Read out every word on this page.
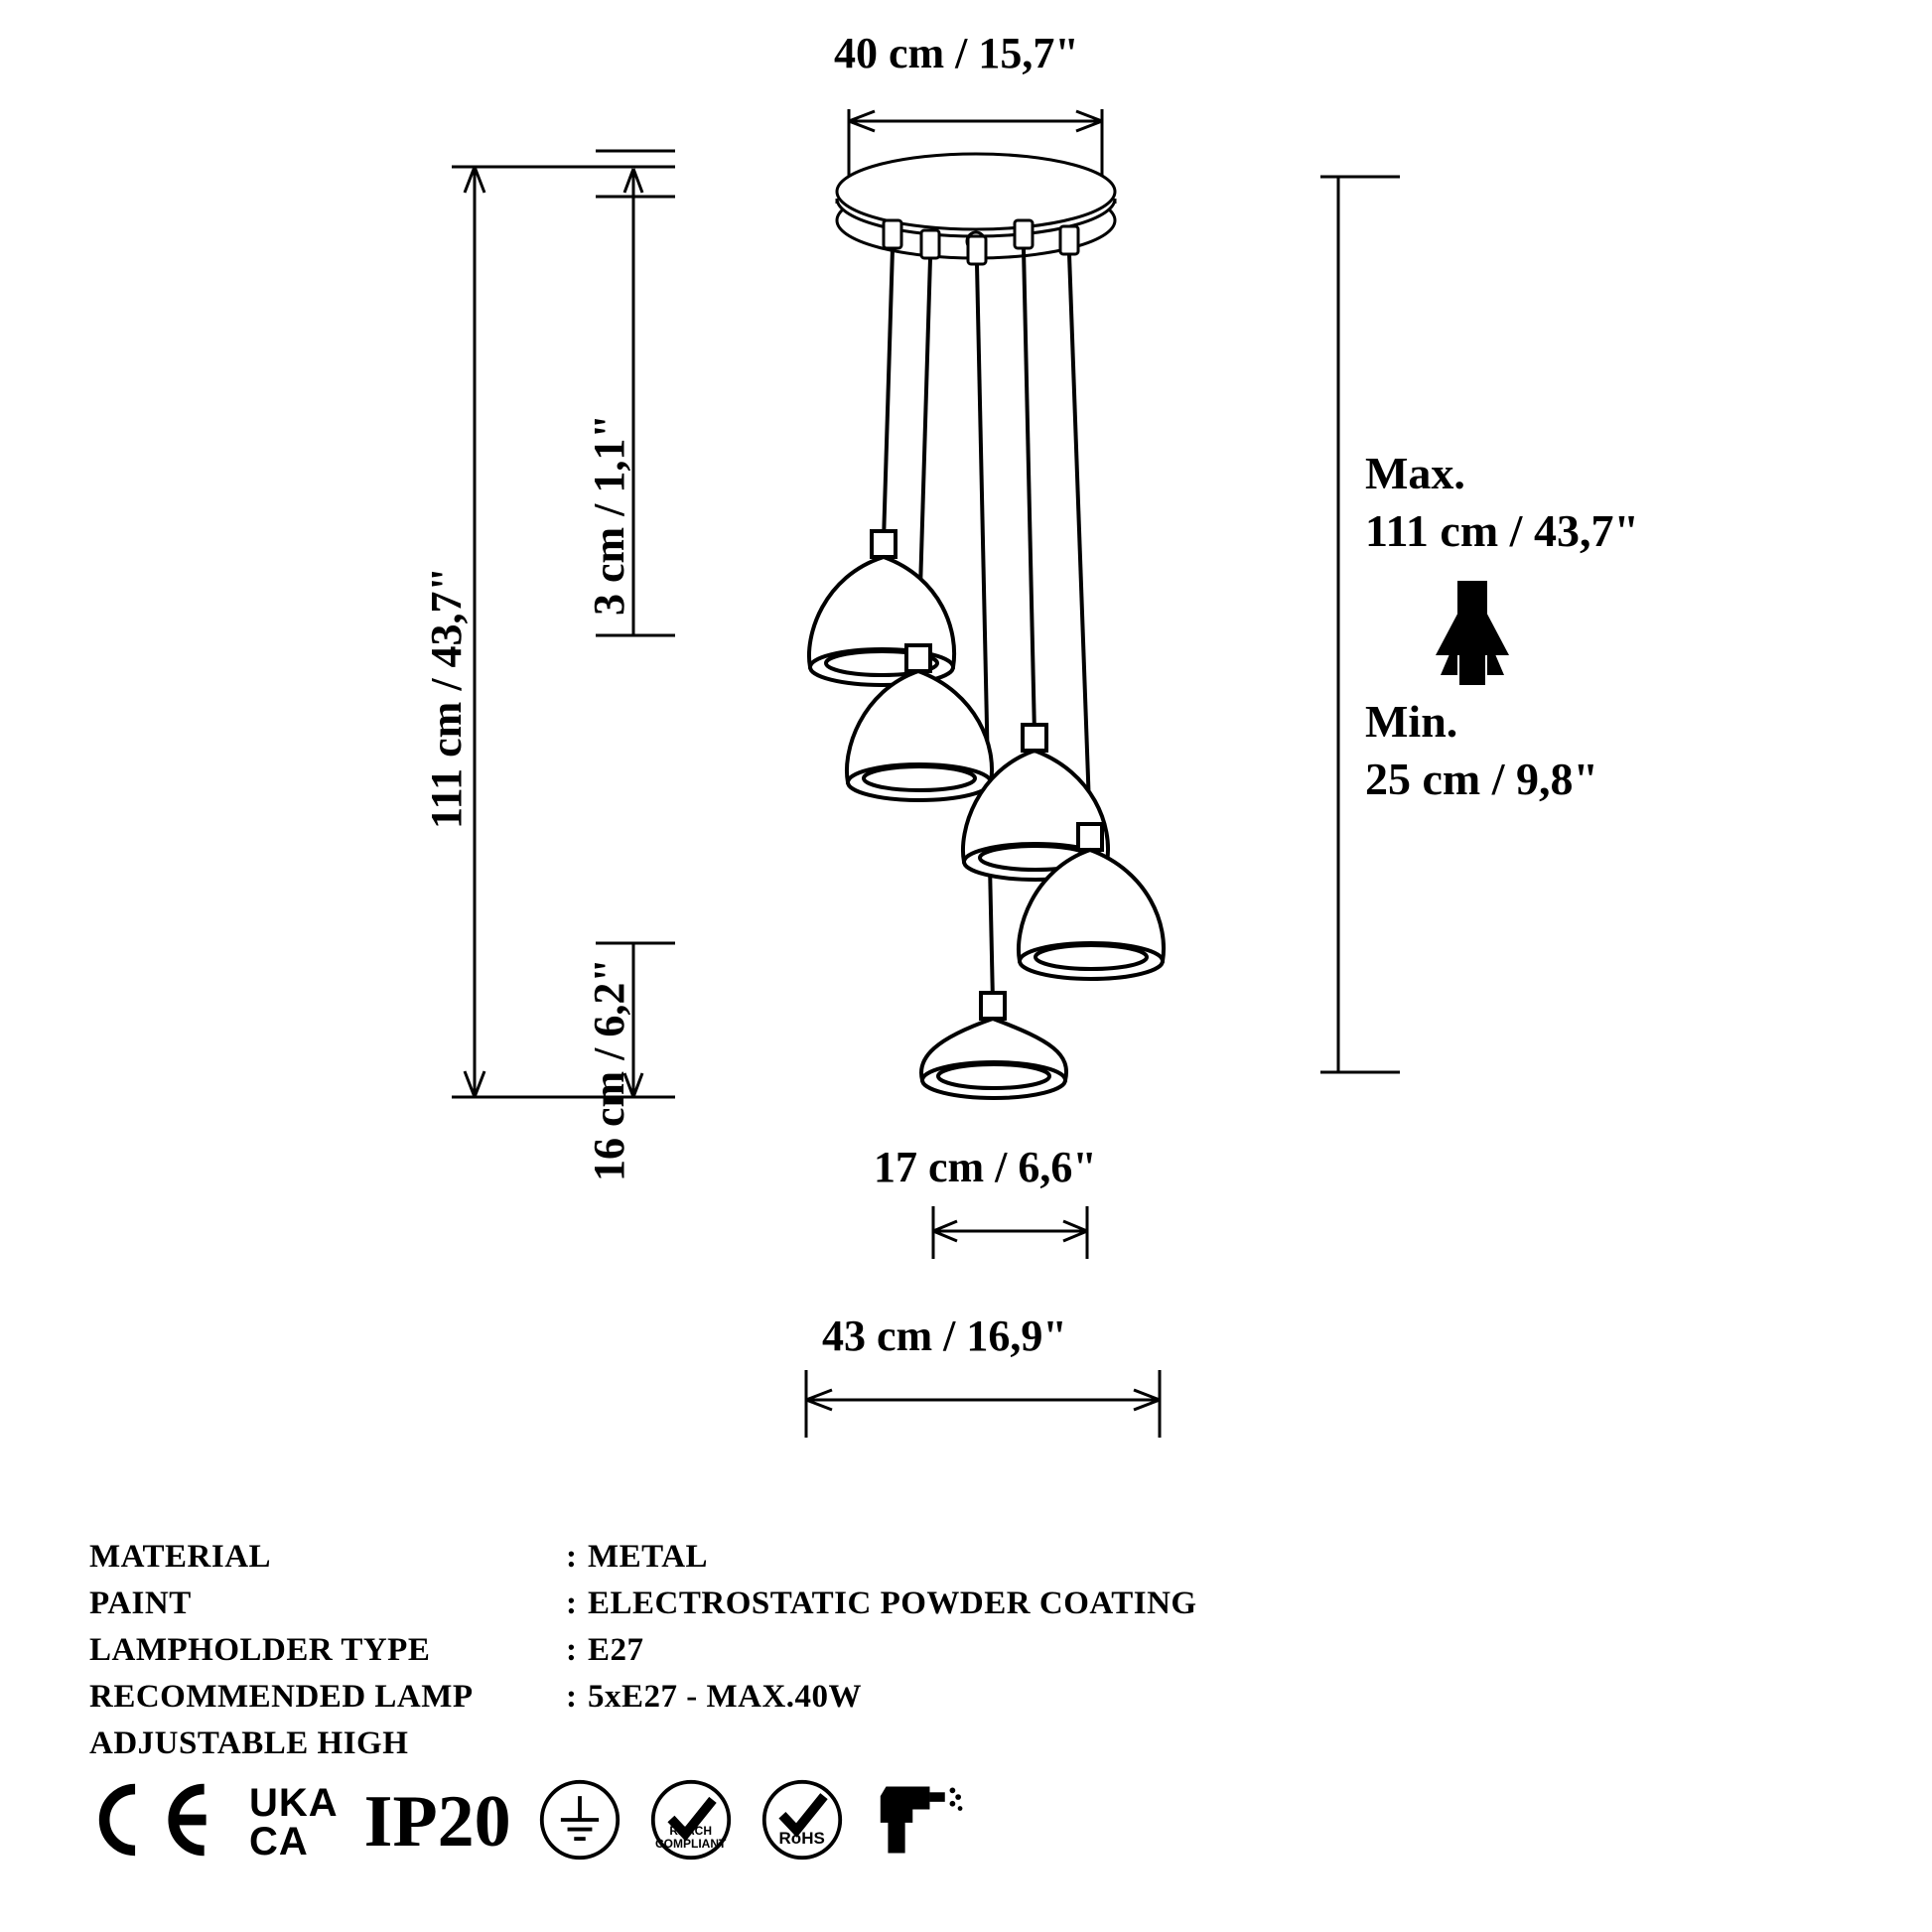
40 cm / 15,7"
111 cm / 43,7"
3 cm / 1,1"
16 cm / 6,2"	17 cm / 6,6"
43 cm / 16,9"
Max.
111 cm / 43,7"
Min.
25 cm / 9,8"
MATERIAL	:	METAL
PAINT	:	ELECTROSTATIC POWDER COATING
LAMPHOLDER TYPE	:	E27
RECOMMENDED LAMP	:	5xE27 - MAX.40W
ADJUSTABLE HIGH		
UKA
CA IP20	REACH
COMPLIANT	RoHS
